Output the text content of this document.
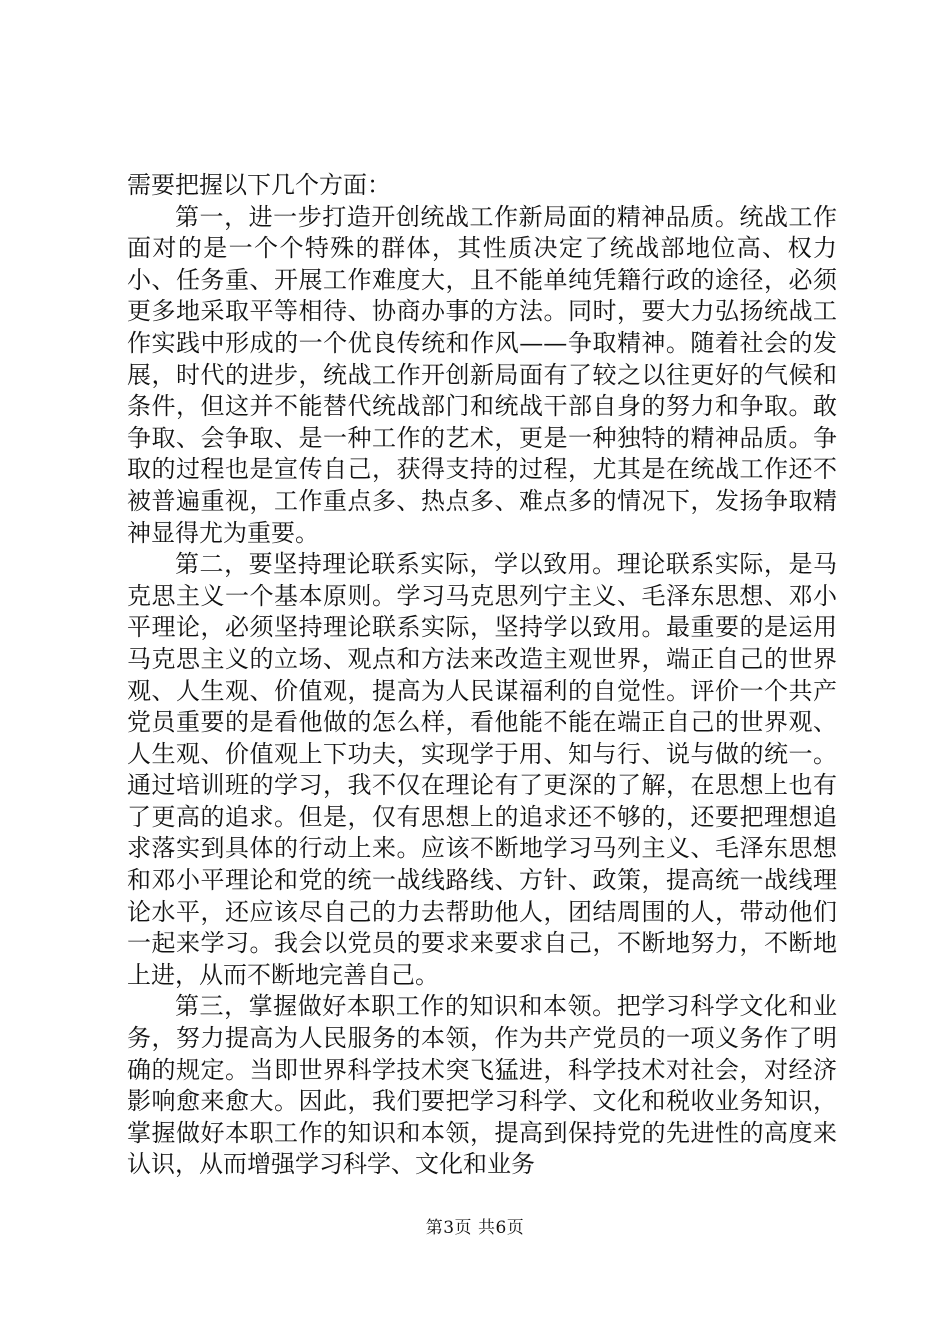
需要把握以下几个方面：

第一，进一步打造开创统战工作新局面的精神品质。统战工作面对的是一个个特殊的群体，其性质决定了统战部地位高、权力小、任务重、开展工作难度大，且不能单纯凭籍行政的途径，必须更多地采取平等相待、协商办事的方法。同时，要大力弘扬统战工作实践中形成的一个优良传统和作风——争取精神。随着社会的发展，时代的进步，统战工作开创新局面有了较之以往更好的气候和条件，但这并不能替代统战部门和统战干部自身的努力和争取。敢争取、会争取、是一种工作的艺术，更是一种独特的精神品质。争取的过程也是宣传自己，获得支持的过程，尤其是在统战工作还不被普遍重视，工作重点多、热点多、难点多的情况下，发扬争取精神显得尤为重要。

第二，要坚持理论联系实际，学以致用。理论联系实际，是马克思主义一个基本原则。学习马克思列宁主义、毛泽东思想、邓小平理论，必须坚持理论联系实际，坚持学以致用。最重要的是运用马克思主义的立场、观点和方法来改造主观世界，端正自己的世界观、人生观、价值观，提高为人民谋福利的自觉性。评价一个共产党员重要的是看他做的怎么样，看他能不能在端正自己的世界观、人生观、价值观上下功夫，实现学于用、知与行、说与做的统一。通过培训班的学习，我不仅在理论有了更深的了解，在思想上也有了更高的追求。但是，仅有思想上的追求还不够的，还要把理想追求落实到具体的行动上来。应该不断地学习马列主义、毛泽东思想和邓小平理论和党的统一战线路线、方针、政策，提高统一战线理论水平，还应该尽自己的力去帮助他人，团结周围的人，带动他们一起来学习。我会以党员的要求来要求自己，不断地努力，不断地上进，从而不断地完善自己。

第三，掌握做好本职工作的知识和本领。把学习科学文化和业务，努力提高为人民服务的本领，作为共产党员的一项义务作了明确的规定。当即世界科学技术突飞猛进，科学技术对社会，对经济影响愈来愈大。因此，我们要把学习科学、文化和税收业务知识，掌握做好本职工作的知识和本领，提高到保持党的先进性的高度来认识，从而增强学习科学、文化和业务

第3页 共6页
